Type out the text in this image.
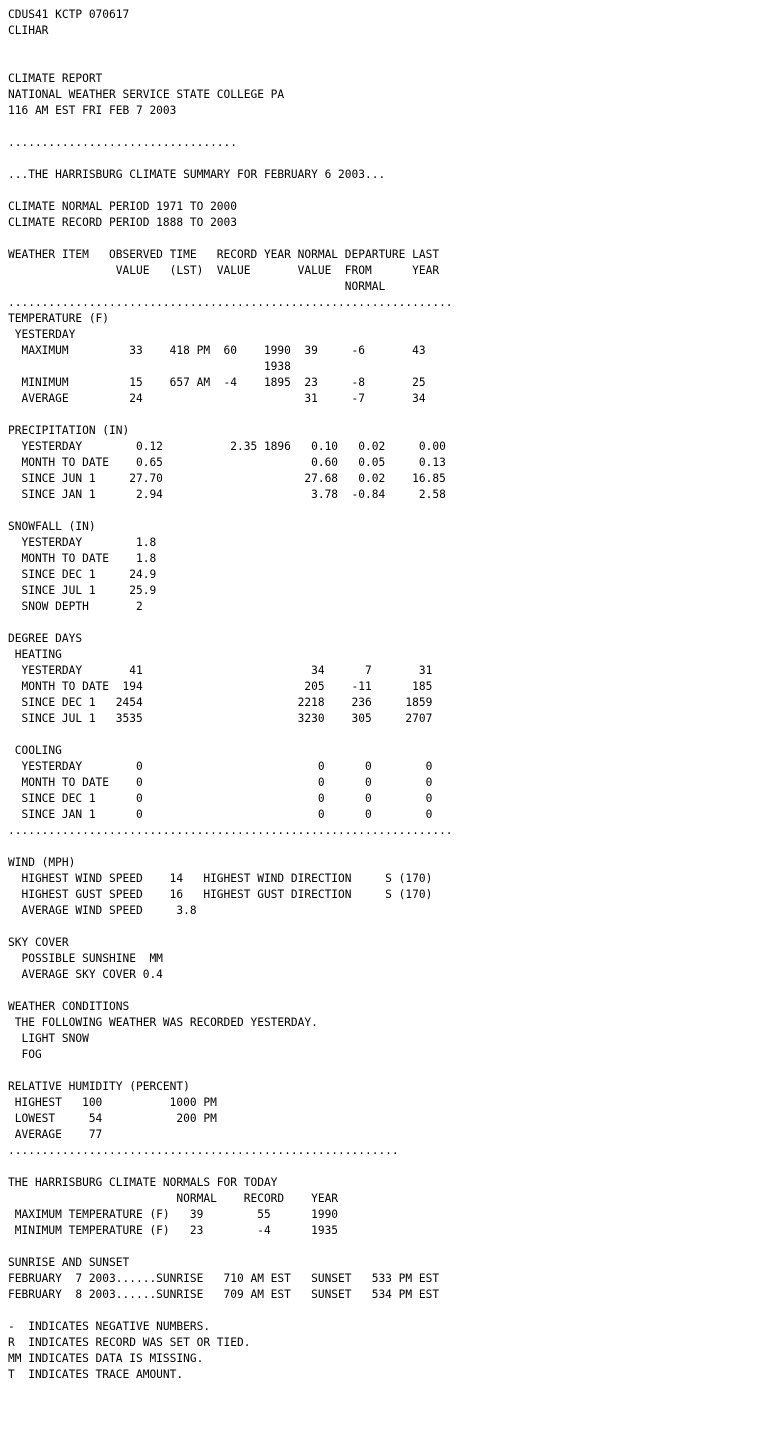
CDUS41 KCTP 070617
CLIHAR
CLIMATE REPORT
NATIONAL WEATHER SERVICE STATE COLLEGE PA
116 AM EST FRI FEB 7 2003
..................................
...THE HARRISBURG CLIMATE SUMMARY FOR FEBRUARY 6 2003...
CLIMATE NORMAL PERIOD 1971 TO 2000
CLIMATE RECORD PERIOD 1888 TO 2003
WEATHER ITEM   OBSERVED TIME   RECORD YEAR NORMAL DEPARTURE LAST
VALUE   (LST)  VALUE       VALUE  FROM      YEAR
NORMAL
..................................................................
TEMPERATURE (F)
YESTERDAY
MAXIMUM         33    418 PM  60    1990  39     -6       43
1938
MINIMUM         15    657 AM  -4    1895  23     -8       25
AVERAGE         24                        31     -7       34
PRECIPITATION (IN)
YESTERDAY        0.12          2.35 1896   0.10   0.02     0.00
MONTH TO DATE    0.65                      0.60   0.05     0.13
SINCE JUN 1     27.70                     27.68   0.02    16.85
SINCE JAN 1      2.94                      3.78  -0.84     2.58
SNOWFALL (IN)
YESTERDAY        1.8
MONTH TO DATE    1.8
SINCE DEC 1     24.9
SINCE JUL 1     25.9
SNOW DEPTH       2
DEGREE DAYS
HEATING
YESTERDAY       41                         34      7       31
MONTH TO DATE  194                        205    -11      185
SINCE DEC 1   2454                       2218    236     1859
SINCE JUL 1   3535                       3230    305     2707
COOLING
YESTERDAY        0                          0      0        0
MONTH TO DATE    0                          0      0        0
SINCE DEC 1      0                          0      0        0
SINCE JAN 1      0                          0      0        0
..................................................................
WIND (MPH)
HIGHEST WIND SPEED    14   HIGHEST WIND DIRECTION     S (170)
HIGHEST GUST SPEED    16   HIGHEST GUST DIRECTION     S (170)
AVERAGE WIND SPEED     3.8
SKY COVER
POSSIBLE SUNSHINE  MM
AVERAGE SKY COVER 0.4
WEATHER CONDITIONS
THE FOLLOWING WEATHER WAS RECORDED YESTERDAY.
LIGHT SNOW
FOG
RELATIVE HUMIDITY (PERCENT)
HIGHEST   100          1000 PM
LOWEST     54           200 PM
AVERAGE    77
..........................................................
THE HARRISBURG CLIMATE NORMALS FOR TODAY
NORMAL    RECORD    YEAR
MAXIMUM TEMPERATURE (F)   39        55      1990
MINIMUM TEMPERATURE (F)   23        -4      1935
SUNRISE AND SUNSET
FEBRUARY  7 2003......SUNRISE   710 AM EST   SUNSET   533 PM EST
FEBRUARY  8 2003......SUNRISE   709 AM EST   SUNSET   534 PM EST
-  INDICATES NEGATIVE NUMBERS.
R  INDICATES RECORD WAS SET OR TIED.
MM INDICATES DATA IS MISSING.
T  INDICATES TRACE AMOUNT.
